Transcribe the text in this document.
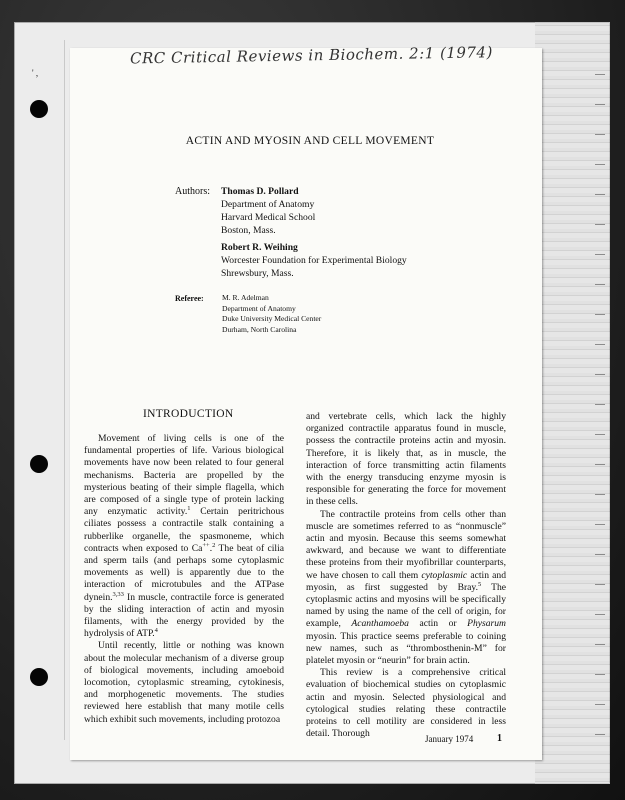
' ,
CRC Critical Reviews in Biochem. 2:1 (1974)
ACTIN AND MYOSIN AND CELL MOVEMENT
Authors: Thomas D. Pollard
Department of Anatomy
Harvard Medical School
Boston, Mass.
Robert R. Weihing
Worcester Foundation for Experimental Biology
Shrewsbury, Mass.
Referee: M. R. Adelman
Department of Anatomy
Duke University Medical Center
Durham, North Carolina
INTRODUCTION

Movement of living cells is one of the fundamental properties of life. Various biological movements have now been related to four general mechanisms. Bacteria are propelled by the mysterious beating of their simple flagella, which are composed of a single type of protein lacking any enzymatic activity.$^1$ Certain peritrichous ciliates possess a contractile stalk containing a rubberlike organelle, the spasmoneme, which contracts when exposed to Ca++.$^2$ The beat of cilia and sperm tails (and perhaps some cytoplasmic movements as well) is apparently due to the interaction of microtubules and the ATPase dynein.$^{3,33}$ In muscle, contractile force is generated by the sliding interaction of actin and myosin filaments, with the energy provided by the hydrolysis of ATP.$^4$

Until recently, little or nothing was known about the molecular mechanism of a diverse group of biological movements, including amoeboid locomotion, cytoplasmic streaming, cytokinesis, and morphogenetic movements. The studies reviewed here establish that many motile cells which exhibit such movements, including protozoa

and vertebrate cells, which lack the highly organized contractile apparatus found in muscle, possess the contractile proteins actin and myosin. Therefore, it is likely that, as in muscle, the interaction of force transmitting actin filaments with the energy transducing enzyme myosin is responsible for generating the force for movement in these cells.

The contractile proteins from cells other than muscle are sometimes referred to as “nonmuscle” actin and myosin. Because this seems somewhat awkward, and because we want to differentiate these proteins from their myofibrillar counterparts, we have chosen to call them cytoplasmic actin and myosin, as first suggested by Bray.$^5$ The cytoplasmic actins and myosins will be specifically named by using the name of the cell of origin, for example, Acanthamoeba actin or Physarum myosin. This practice seems preferable to coining new names, such as “thrombosthenin-M” for platelet myosin or “neurin” for brain actin.

This review is a comprehensive critical evaluation of biochemical studies on cytoplasmic actin and myosin. Selected physiological and cytological studies relating these contractile proteins to cell motility are considered in less detail. Thorough	January 1974 1
